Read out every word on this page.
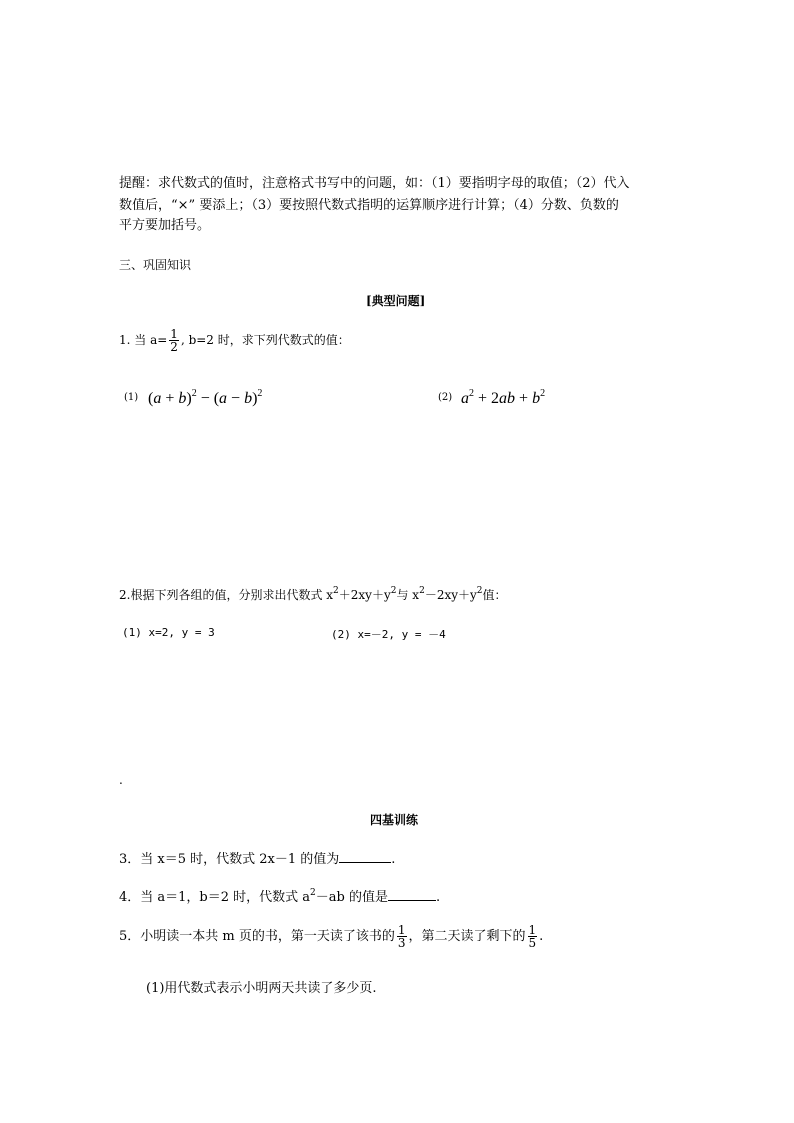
提醒：求代数式的值时，注意格式书写中的问题，如：（1）要指明字母的取值；（2）代入
数值后，“×” 要添上；（3）要按照代数式指明的运算顺序进行计算；（4）分数、负数的
平方要加括号。
三、巩固知识
[典型问题]
1. 当 $a= \frac{1}{2}$ , b=2 时，求下列代数式的值：
(1) $(a + b)^2 - (a - b)^2$	(2) $a^2 + 2ab + b^2$
2.根据下列各组的值，分别求出代数式 $x^2+2xy+y^2$与 $x^2-2xy+y^2$值：
(1) x=2, y = 3	(2) x=－2, y = －4
.
四基训练
3．当 x＝5 时，代数式 2x－1 的值为	.
4．当 a＝1，b＝2 时，代数式 $a^2-ab$ 的值是	.
5．小明读一本共 m 页的书，第一天读了该书的 $\frac{1}{3}$ ，第二天读了剩下的 $\frac{1}{5}$ .
(1)用代数式表示小明两天共读了多少页.
